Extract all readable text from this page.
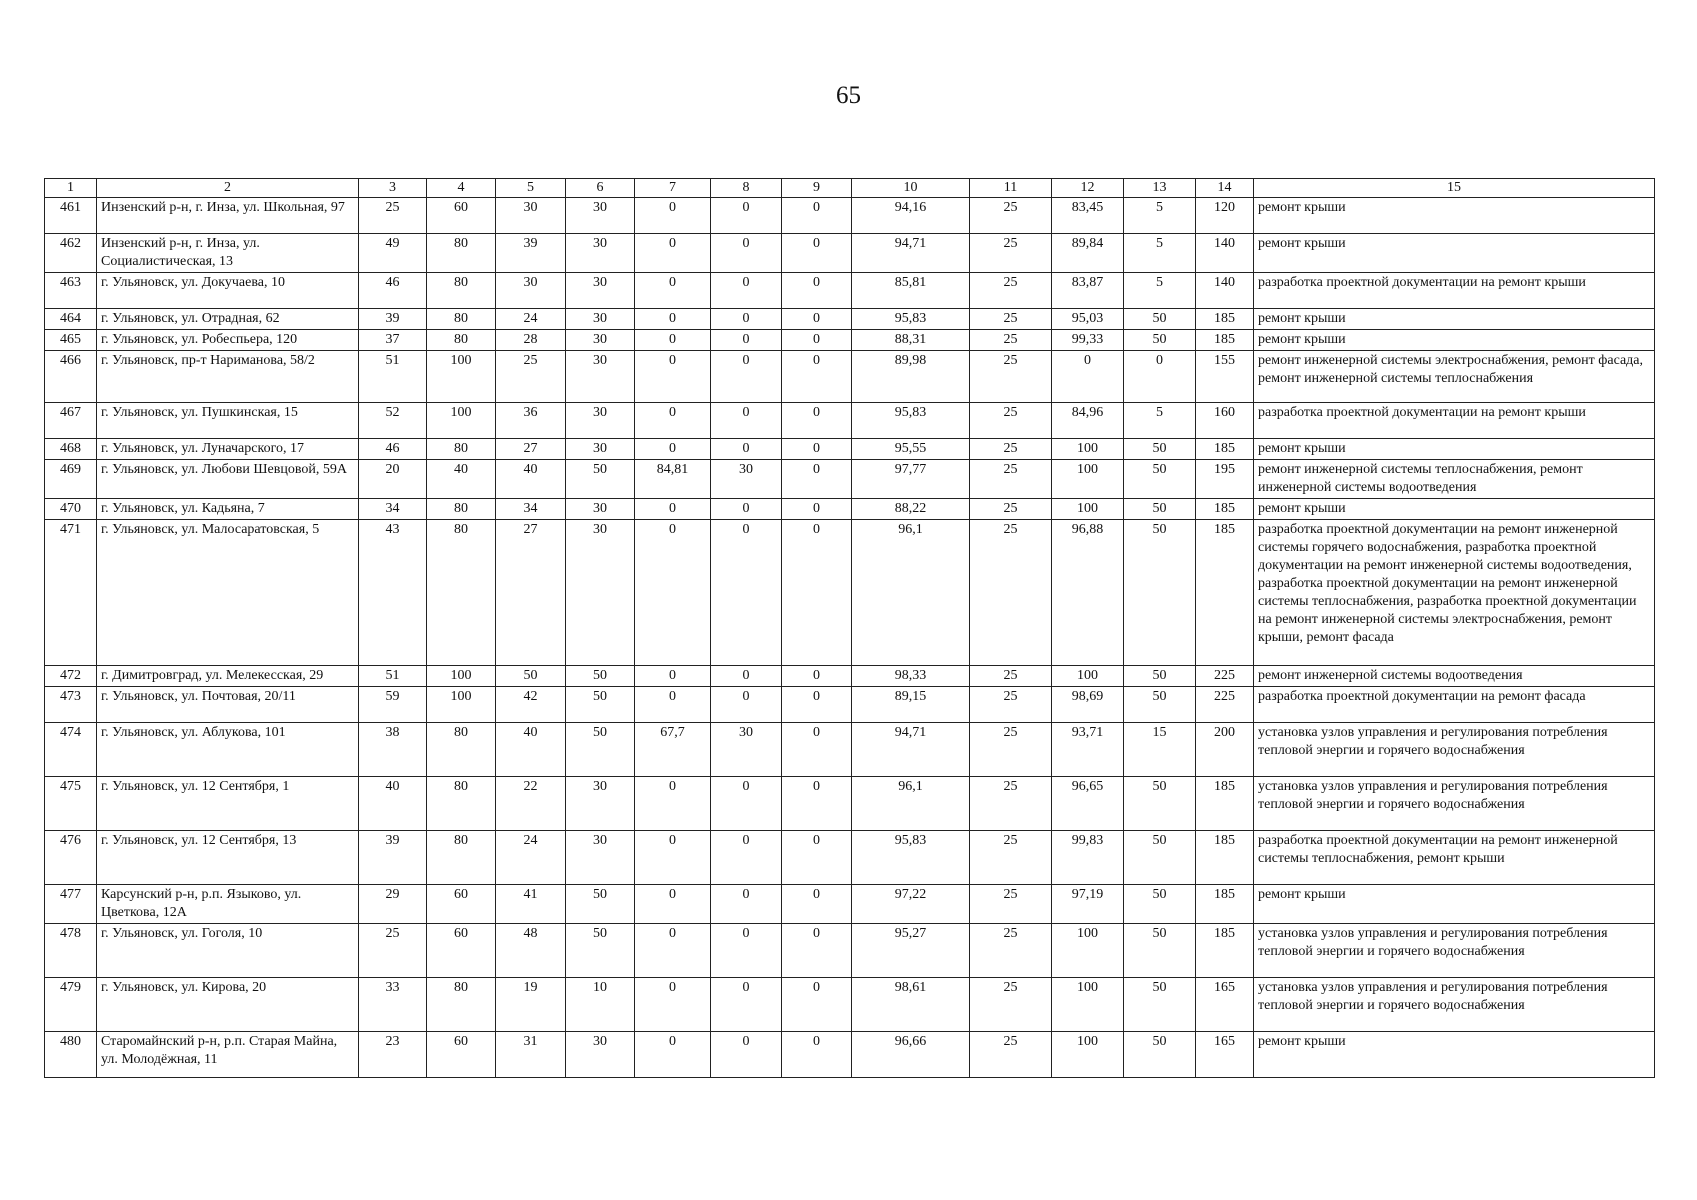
65
1	2	3	4	5	6	7	8	9	10	11	12	13	14	15
461	Инзенский р-н, г. Инза, ул. Школьная, 97	25	60	30	30	0	0	0	94,16	25	83,45	5	120	ремонт крыши
462	Инзенский р-н, г. Инза, ул. Социалистическая, 13	49	80	39	30	0	0	0	94,71	25	89,84	5	140	ремонт крыши
463	г. Ульяновск, ул. Докучаева, 10	46	80	30	30	0	0	0	85,81	25	83,87	5	140	разработка проектной документации на ремонт крыши
464	г. Ульяновск, ул. Отрадная, 62	39	80	24	30	0	0	0	95,83	25	95,03	50	185	ремонт крыши
465	г. Ульяновск, ул. Робеспьера, 120	37	80	28	30	0	0	0	88,31	25	99,33	50	185	ремонт крыши
466	г. Ульяновск, пр-т Нариманова, 58/2	51	100	25	30	0	0	0	89,98	25	0	0	155	ремонт инженерной системы электроснабжения, ремонт фасада, ремонт инженерной системы теплоснабжения
467	г. Ульяновск, ул. Пушкинская, 15	52	100	36	30	0	0	0	95,83	25	84,96	5	160	разработка проектной документации на ремонт крыши
468	г. Ульяновск, ул. Луначарского, 17	46	80	27	30	0	0	0	95,55	25	100	50	185	ремонт крыши
469	г. Ульяновск, ул. Любови Шевцовой, 59А	20	40	40	50	84,81	30	0	97,77	25	100	50	195	ремонт инженерной системы теплоснабжения, ремонт инженерной системы водоотведения
470	г. Ульяновск, ул. Кадьяна, 7	34	80	34	30	0	0	0	88,22	25	100	50	185	ремонт крыши
471	г. Ульяновск, ул. Малосаратовская, 5	43	80	27	30	0	0	0	96,1	25	96,88	50	185	разработка проектной документации на ремонт инженерной системы горячего водоснабжения, разработка проектной документации на ремонт инженерной системы водоотведения, разработка проектной документации на ремонт инженерной системы теплоснабжения, разработка проектной документации на ремонт инженерной системы электроснабжения, ремонт крыши, ремонт фасада
472	г. Димитровград, ул. Мелекесская, 29	51	100	50	50	0	0	0	98,33	25	100	50	225	ремонт инженерной системы водоотведения
473	г. Ульяновск, ул. Почтовая, 20/11	59	100	42	50	0	0	0	89,15	25	98,69	50	225	разработка проектной документации на ремонт фасада
474	г. Ульяновск, ул. Аблукова, 101	38	80	40	50	67,7	30	0	94,71	25	93,71	15	200	установка узлов управления и регулирования потребления тепловой энергии и горячего водоснабжения
475	г. Ульяновск, ул. 12 Сентября, 1	40	80	22	30	0	0	0	96,1	25	96,65	50	185	установка узлов управления и регулирования потребления тепловой энергии и горячего водоснабжения
476	г. Ульяновск, ул. 12 Сентября, 13	39	80	24	30	0	0	0	95,83	25	99,83	50	185	разработка проектной документации на ремонт инженерной системы теплоснабжения, ремонт крыши
477	Карсунский р-н, р.п. Языково, ул. Цветкова, 12А	29	60	41	50	0	0	0	97,22	25	97,19	50	185	ремонт крыши
478	г. Ульяновск, ул. Гоголя, 10	25	60	48	50	0	0	0	95,27	25	100	50	185	установка узлов управления и регулирования потребления тепловой энергии и горячего водоснабжения
479	г. Ульяновск, ул. Кирова, 20	33	80	19	10	0	0	0	98,61	25	100	50	165	установка узлов управления и регулирования потребления тепловой энергии и горячего водоснабжения
480	Старомайнский р-н, р.п. Старая Майна, ул. Молодёжная, 11	23	60	31	30	0	0	0	96,66	25	100	50	165	ремонт крыши
